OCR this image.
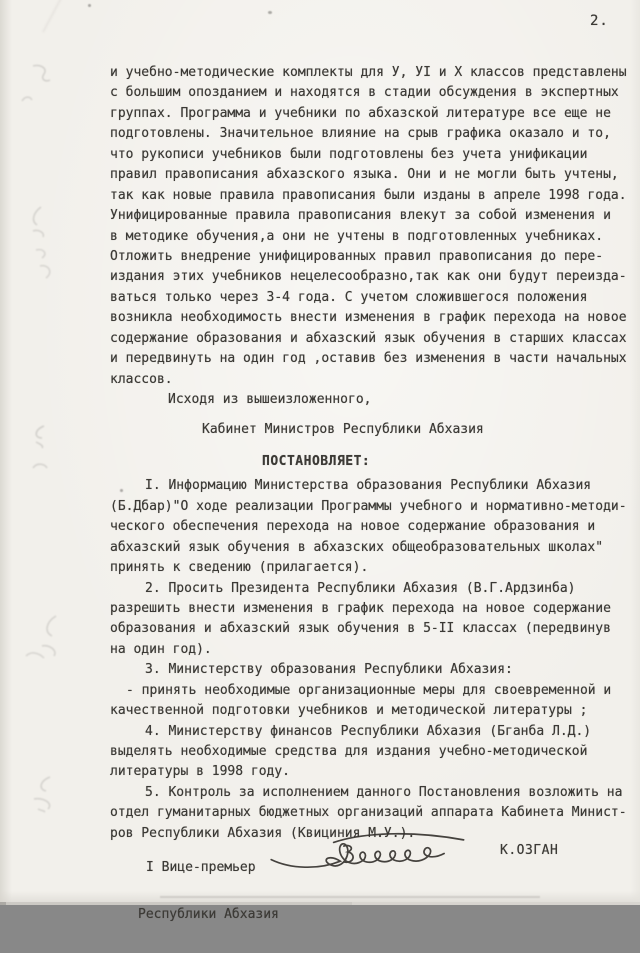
2.
и учебно-методические комплекты для У, УІ и Х классов представлены
с большим опозданием и находятся в стадии обсуждения в экспертных
группах. Программа и учебники по абхазской литературе все еще не
подготовлены. Значительное влияние на срыв графика оказало и то,
что рукописи учебников были подготовлены без учета унификации
правил правописания абхазского языка. Они и не могли быть учтены,
так как новые правила правописания были изданы в апреле 1998 года.
Унифицированные правила правописания влекут за собой изменения и
в методике обучения,а они не учтены в подготовленных учебниках.
Отложить внедрение унифицированных правил правописания до пере-
издания этих учебников нецелесообразно,так как они будут переизда-
ваться только через 3-4 года. С учетом сложившегося положения
возникла необходимость внести изменения в график перехода на новое
содержание образования и абхазский язык обучения в старших классах
и передвинуть на один год ,оставив без изменения в части начальных
классов.
Исходя из вышеизложенного,
Кабинет Министров Республики Абхазия
ПОСТАНОВЛЯЕТ:
I. Информацию Министерства образования Республики Абхазия
(Б.Дбар)"О ходе реализации Программы учебного и нормативно-методи-
ческого обеспечения перехода на новое содержание образования и
абхазский язык обучения в абхазских общеобразовательных школах"
принять к сведению (прилагается).
2. Просить Президента Республики Абхазия (В.Г.Ардзинба)
разрешить внести изменения в график перехода на новое содержание
образования и абхазский язык обучения в 5-II классах (передвинув
на один год).
3. Министерству образования Республики Абхазия:
- принять необходимые организационные меры для своевременной и
качественной подготовки учебников и методической литературы ;
4. Министерству финансов Республики Абхазия (Бганба Л.Д.)
выделять необходимые средства для издания учебно-методической
литературы в 1998 году.
5. Контроль за исполнением данного Постановления возложить на
отдел гуманитарных бюджетных организаций аппарата Кабинета Минист-
ров Республики Абхазия (Квициния М.У.).

I Вице-премьер

Республики Абхазия

К.ОЗГАН
